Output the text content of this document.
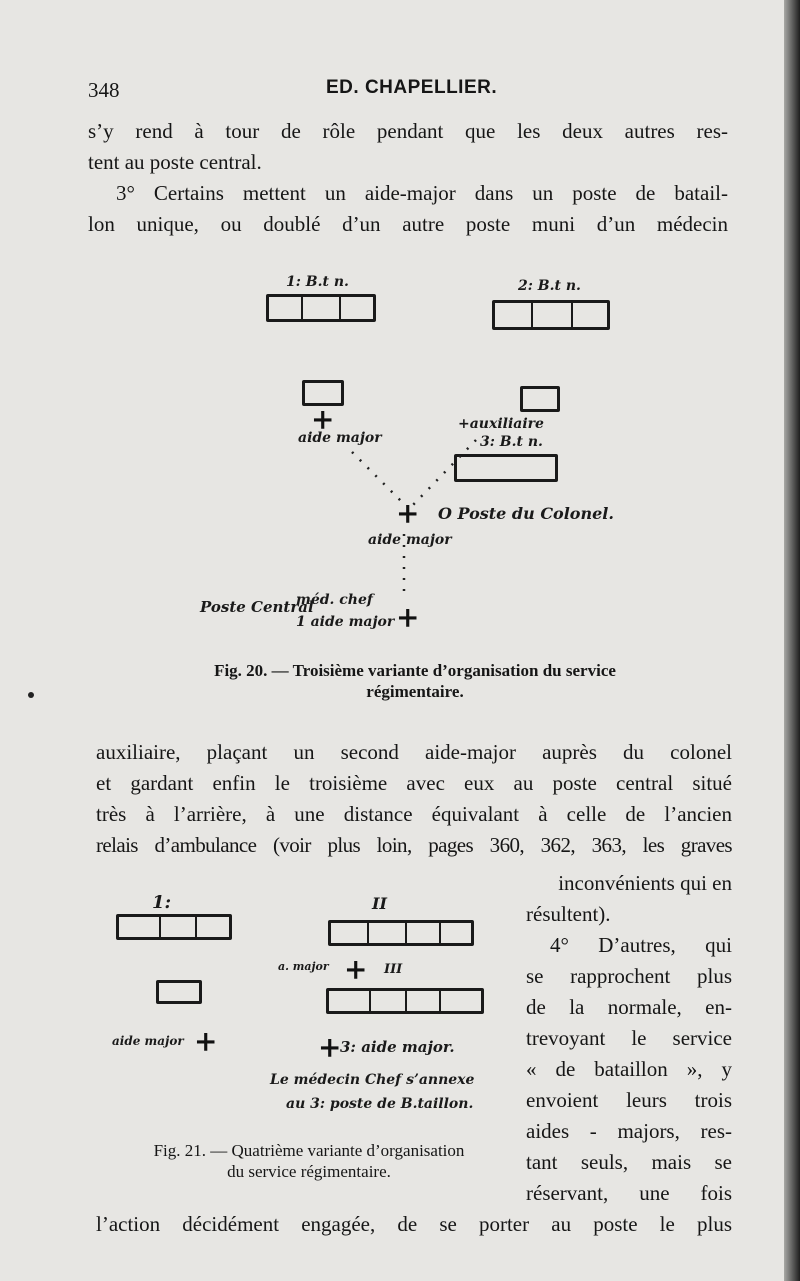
348	ED. CHAPELLIER.
s’y rend à tour de rôle pendant que les deux autres res-
tent au poste central.
3° Certains mettent un aide-major dans un poste de batail-
lon unique, ou doublé d’un autre poste muni d’un médecin
1: B.t n.	2: B.t n.
+
aide major
+auxiliaire
3: B.t n.
+ O Poste du Colonel.
aide major
Poste Central
méd. chef
1 aide major +
Fig. 20. — Troisième variante d’organisation du service
régimentaire.
auxiliaire, plaçant un second aide-major auprès du colonel
et gardant enfin le troisième avec eux au poste central situé
très à l’arrière, à une distance équivalant à celle de l’ancien
relais d’ambulance (voir plus loin, pages 360, 362, 363, les graves
inconvénients qui en
résultent).
4° D’autres, qui
se rapprochent plus
de la normale, en-
trevoyant le service
« de bataillon », y
envoient leurs trois
aides - majors, res-
tant seuls, mais se
réservant, une fois
1:	II
a. major + III
aide major +	+
3: aide major.
Le médecin Chef s’annexe
au 3: poste de B.taillon.
Fig. 21. — Quatrième variante d’organisation
du service régimentaire.
l’action décidément engagée, de se porter au poste le plus
